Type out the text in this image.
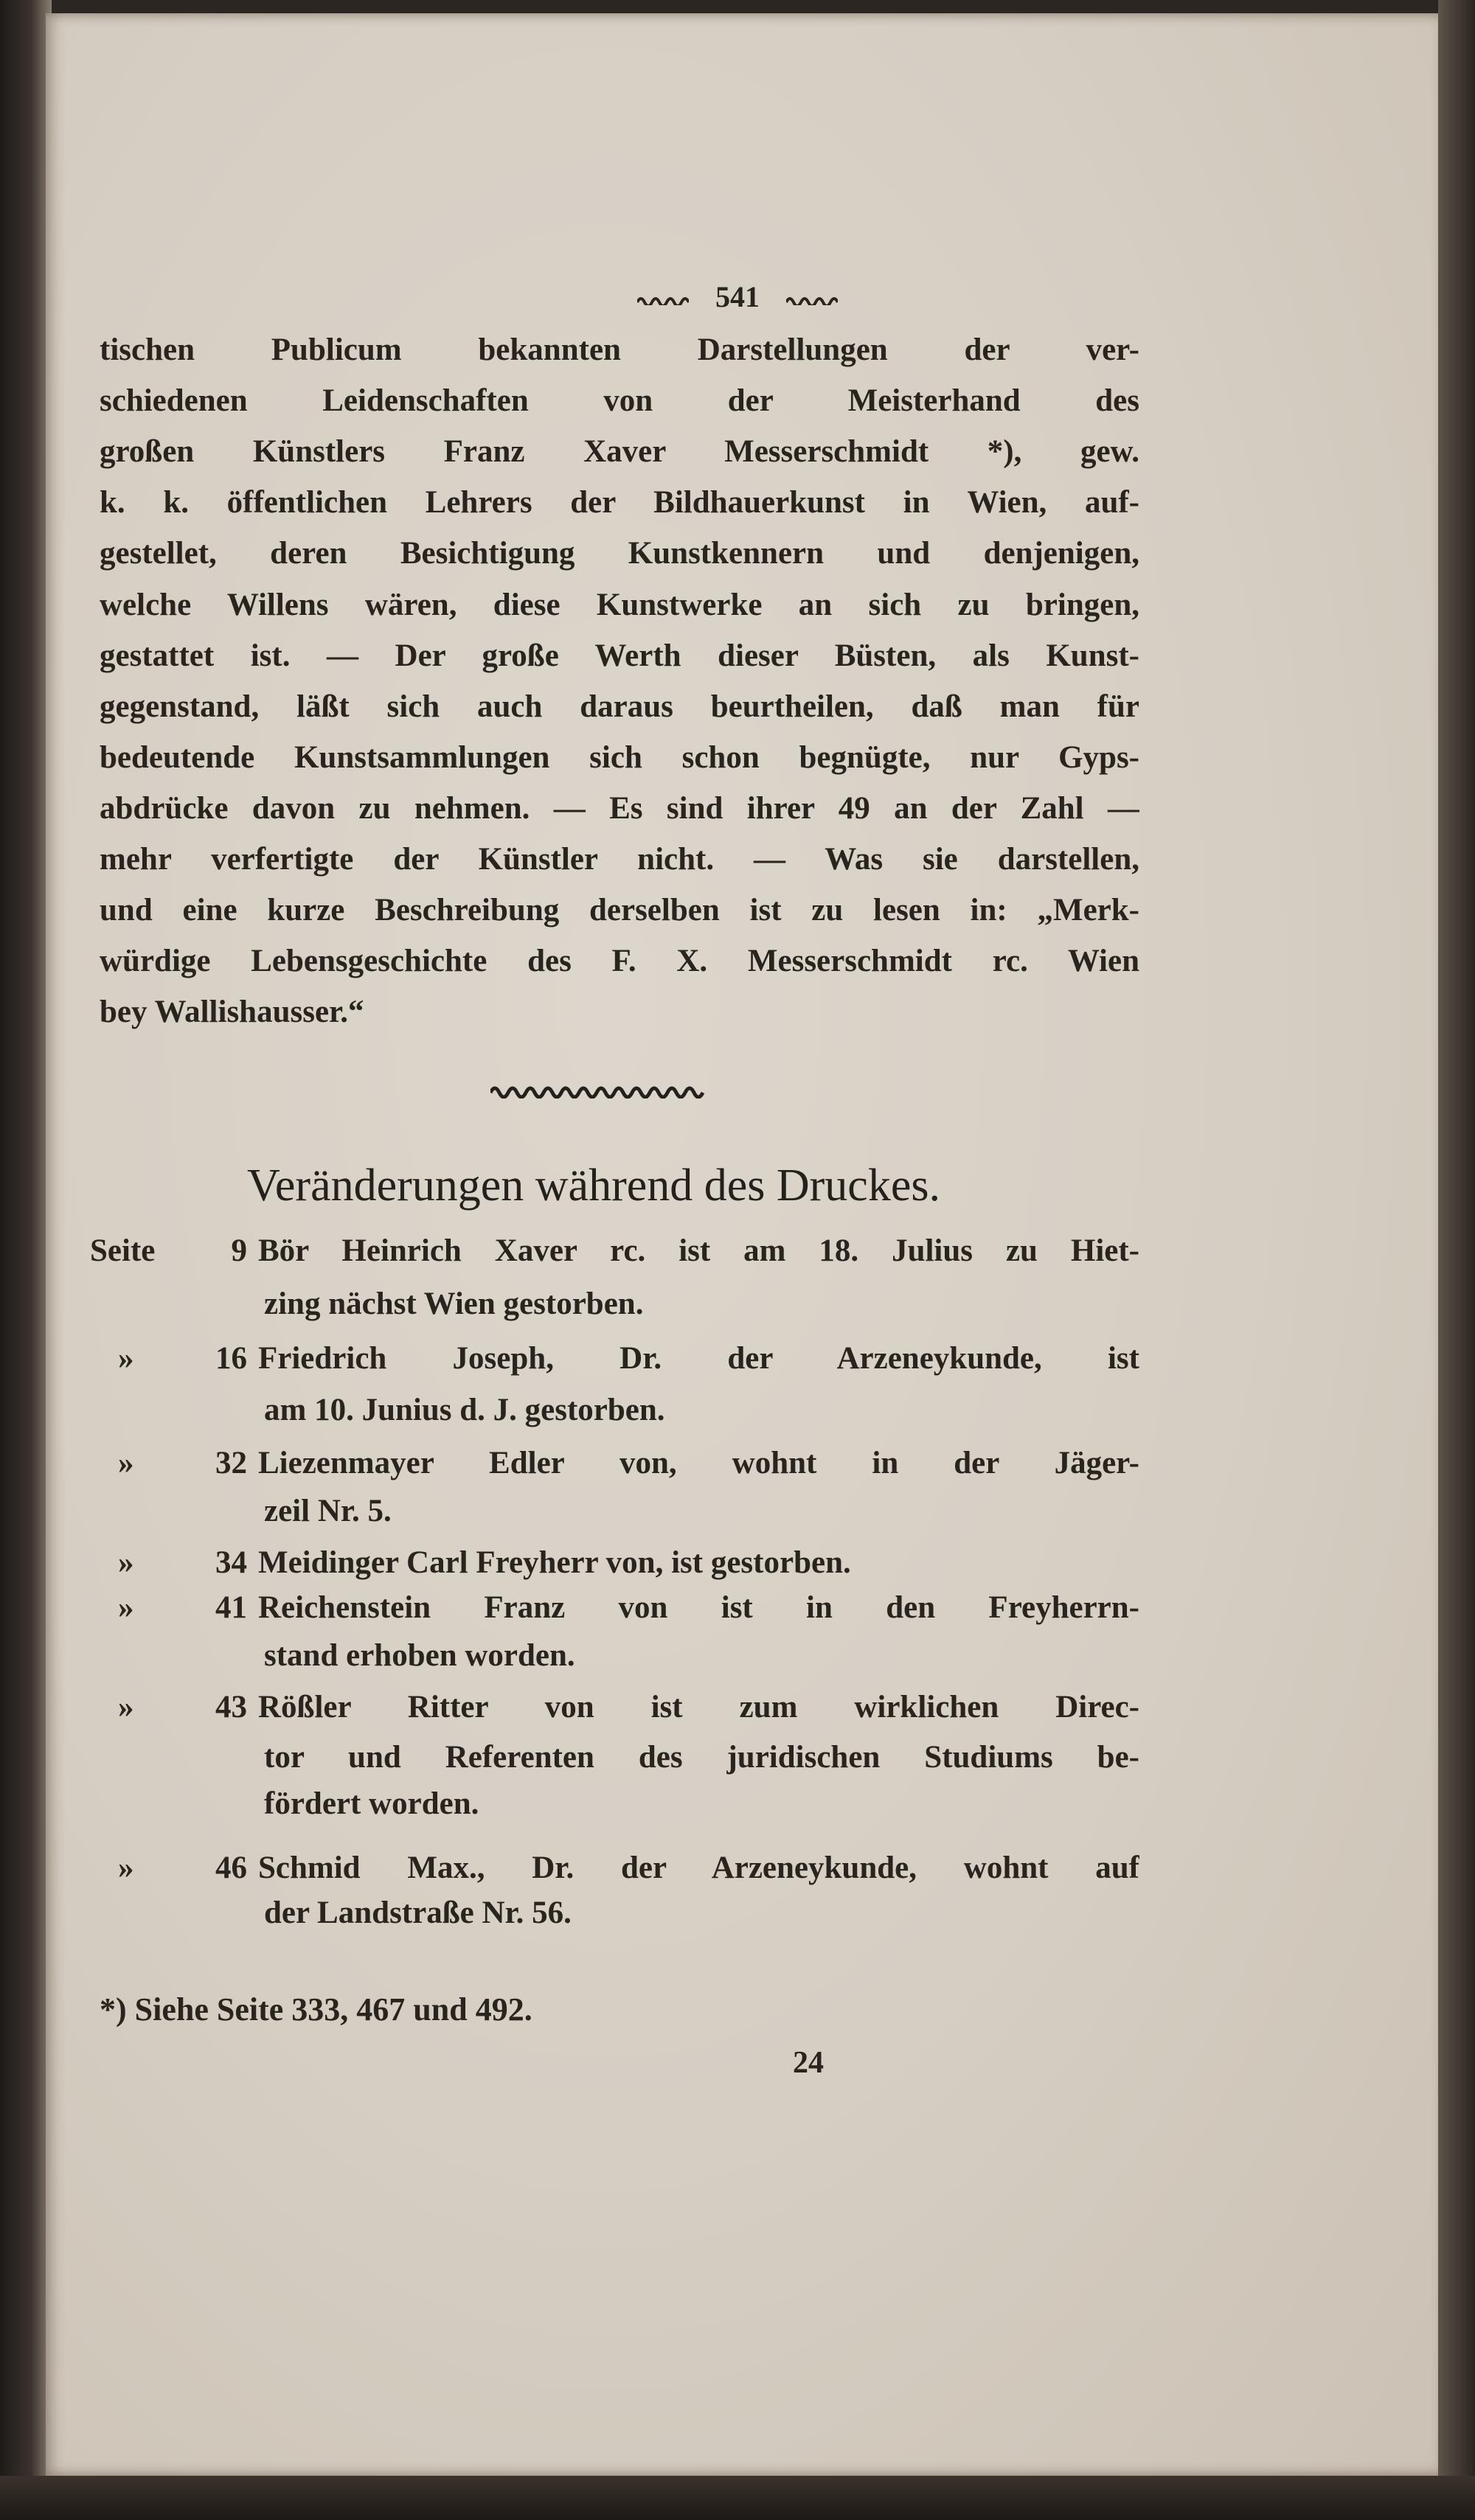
541
tischen Publicum bekannten Darstellungen der ver-
schiedenen Leidenschaften von der Meisterhand des
großen Künstlers Franz Xaver Messerschmidt *), gew.
k. k. öffentlichen Lehrers der Bildhauerkunst in Wien, auf-
gestellet, deren Besichtigung Kunstkennern und denjenigen,
welche Willens wären, diese Kunstwerke an sich zu bringen,
gestattet ist. — Der große Werth dieser Büsten, als Kunst-
gegenstand, läßt sich auch daraus beurtheilen, daß man für
bedeutende Kunstsammlungen sich schon begnügte, nur Gyps-
abdrücke davon zu nehmen. — Es sind ihrer 49 an der Zahl —
mehr verfertigte der Künstler nicht. — Was sie darstellen,
und eine kurze Beschreibung derselben ist zu lesen in: „Merk-
würdige Lebensgeschichte des F. X. Messerschmidt rc. Wien
bey Wallishausser.“
Veränderungen während des Druckes.
Seite	9 Bör Heinrich Xaver rc. ist am 18. Julius zu Hiet-
zing nächst Wien gestorben.
»	16 Friedrich Joseph, Dr. der Arzeneykunde, ist
am 10. Junius d. J. gestorben.
»	32 Liezenmayer Edler von, wohnt in der Jäger-
zeil Nr. 5.
»	34 Meidinger Carl Freyherr von, ist gestorben.
»	41 Reichenstein Franz von ist in den Freyherrn-
stand erhoben worden.
»	43 Rößler Ritter von ist zum wirklichen Direc-
tor und Referenten des juridischen Studiums be-
fördert worden.
»	46 Schmid Max., Dr. der Arzeneykunde, wohnt auf
der Landstraße Nr. 56.
*) Siehe Seite 333, 467 und 492.
24
